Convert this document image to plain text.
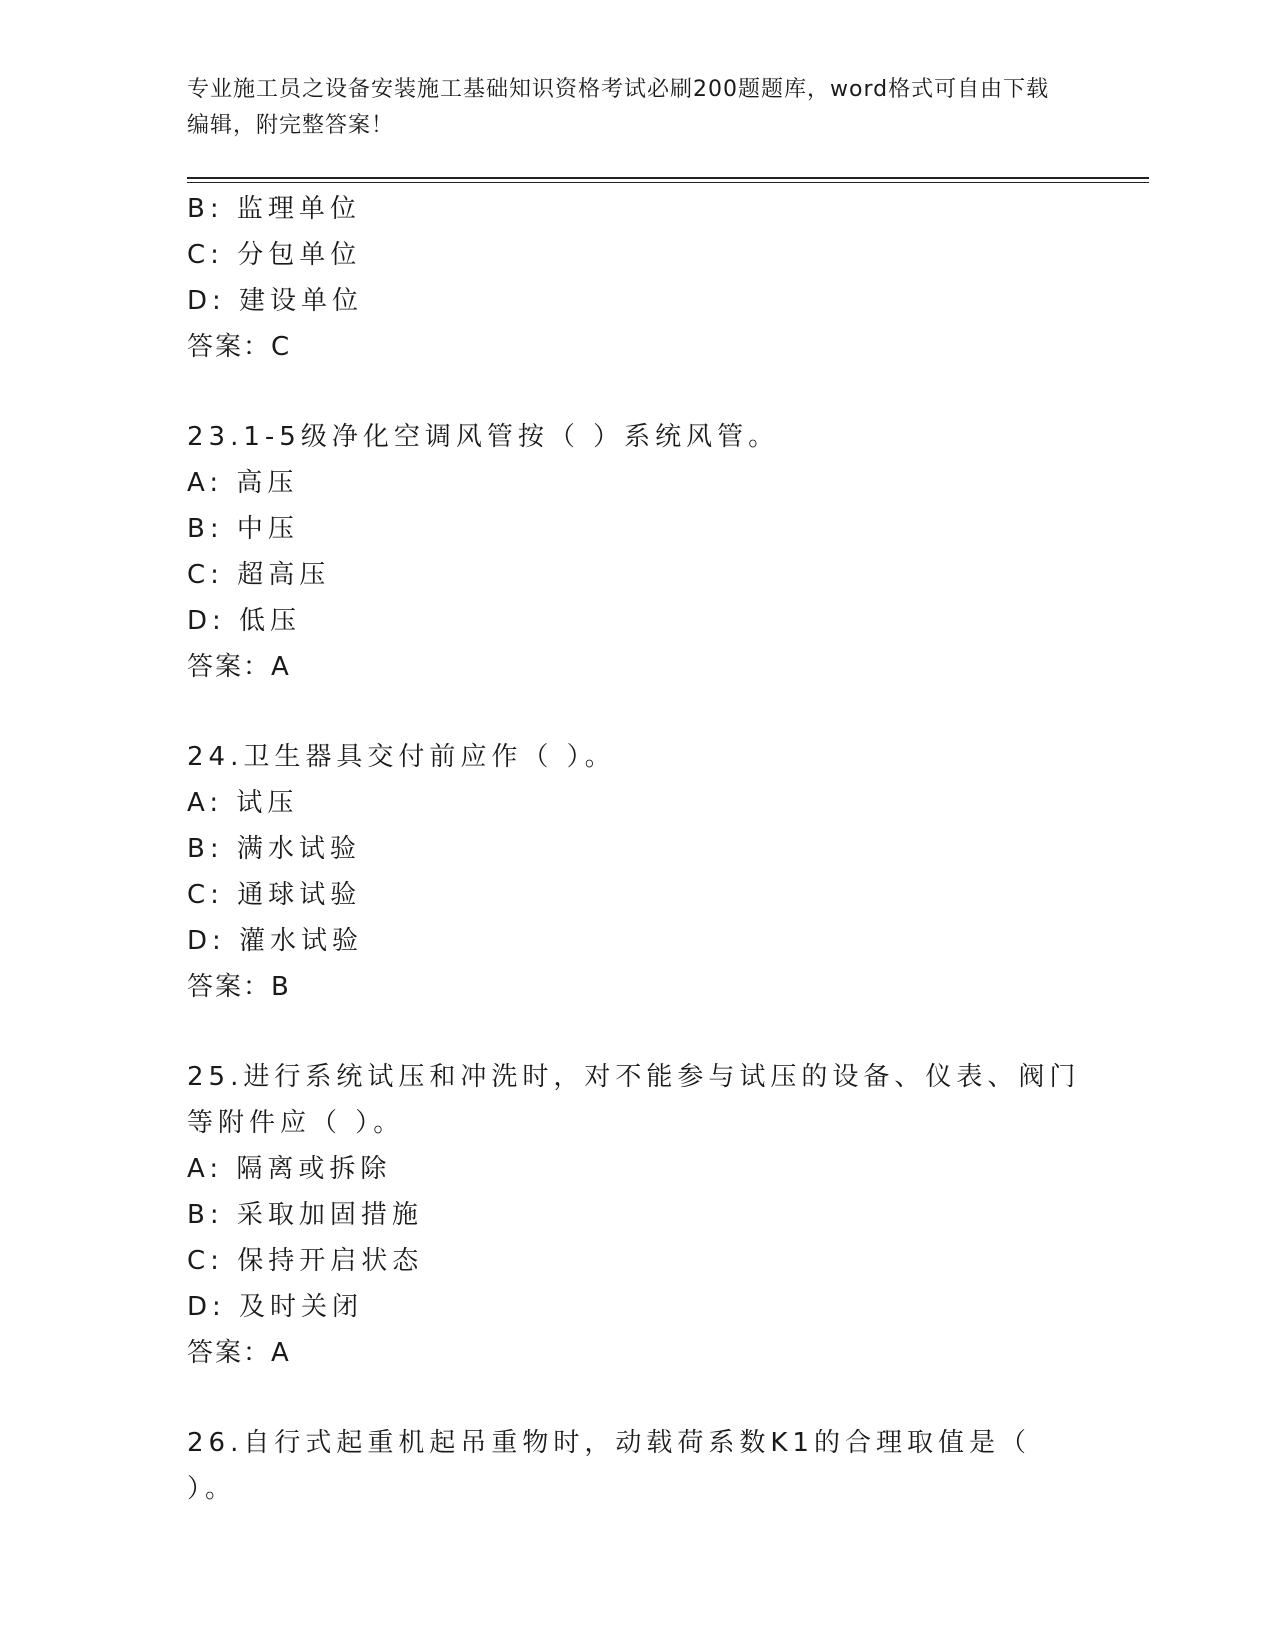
专业施工员之设备安装施工基础知识资格考试必刷200题题库，word格式可自由下载编辑，附完整答案！
B: 监理单位
C: 分包单位
D: 建设单位
答案：C
23.1-5级净化空调风管按（ ）系统风管。
A: 高压
B: 中压
C: 超高压
D: 低压
答案：A
24.卫生器具交付前应作（ ）。
A: 试压
B: 满水试验
C: 通球试验
D: 灌水试验
答案：B
25.进行系统试压和冲洗时，对不能参与试压的设备、仪表、阀门等附件应（ ）。
A: 隔离或拆除
B: 采取加固措施
C: 保持开启状态
D: 及时关闭
答案：A
26.自行式起重机起吊重物时，动载荷系数K1的合理取值是（ ）。
